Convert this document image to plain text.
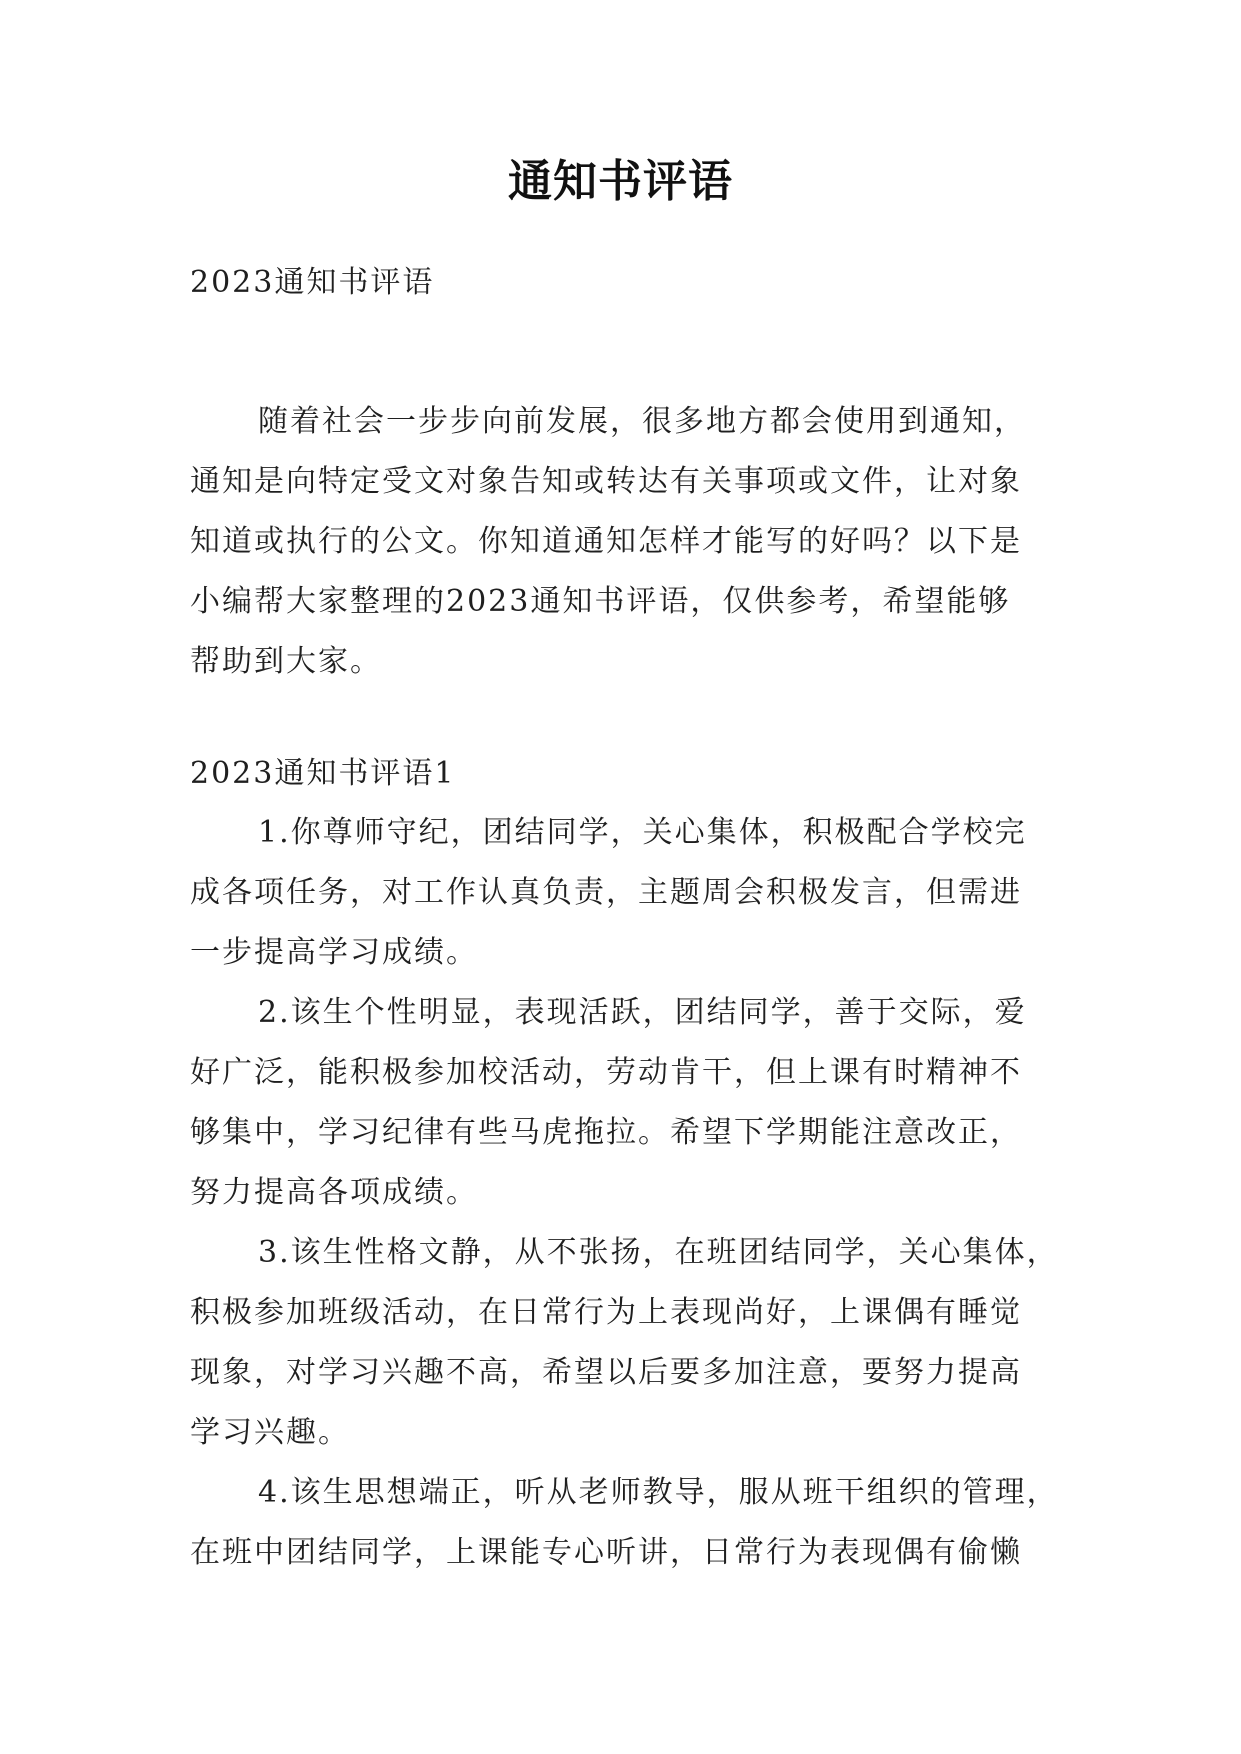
通知书评语
2023通知书评语
随着社会一步步向前发展，很多地方都会使用到通知，
通知是向特定受文对象告知或转达有关事项或文件，让对象
知道或执行的公文。你知道通知怎样才能写的好吗？以下是
小编帮大家整理的2023通知书评语，仅供参考，希望能够
帮助到大家。
2023通知书评语1
1.你尊师守纪，团结同学，关心集体，积极配合学校完
成各项任务，对工作认真负责，主题周会积极发言，但需进
一步提高学习成绩。
2.该生个性明显，表现活跃，团结同学，善于交际，爱
好广泛，能积极参加校活动，劳动肯干，但上课有时精神不
够集中，学习纪律有些马虎拖拉。希望下学期能注意改正，
努力提高各项成绩。
3.该生性格文静，从不张扬，在班团结同学，关心集体，
积极参加班级活动，在日常行为上表现尚好，上课偶有睡觉
现象，对学习兴趣不高，希望以后要多加注意，要努力提高
学习兴趣。
4.该生思想端正，听从老师教导，服从班干组织的管理，
在班中团结同学，上课能专心听讲，日常行为表现偶有偷懒
